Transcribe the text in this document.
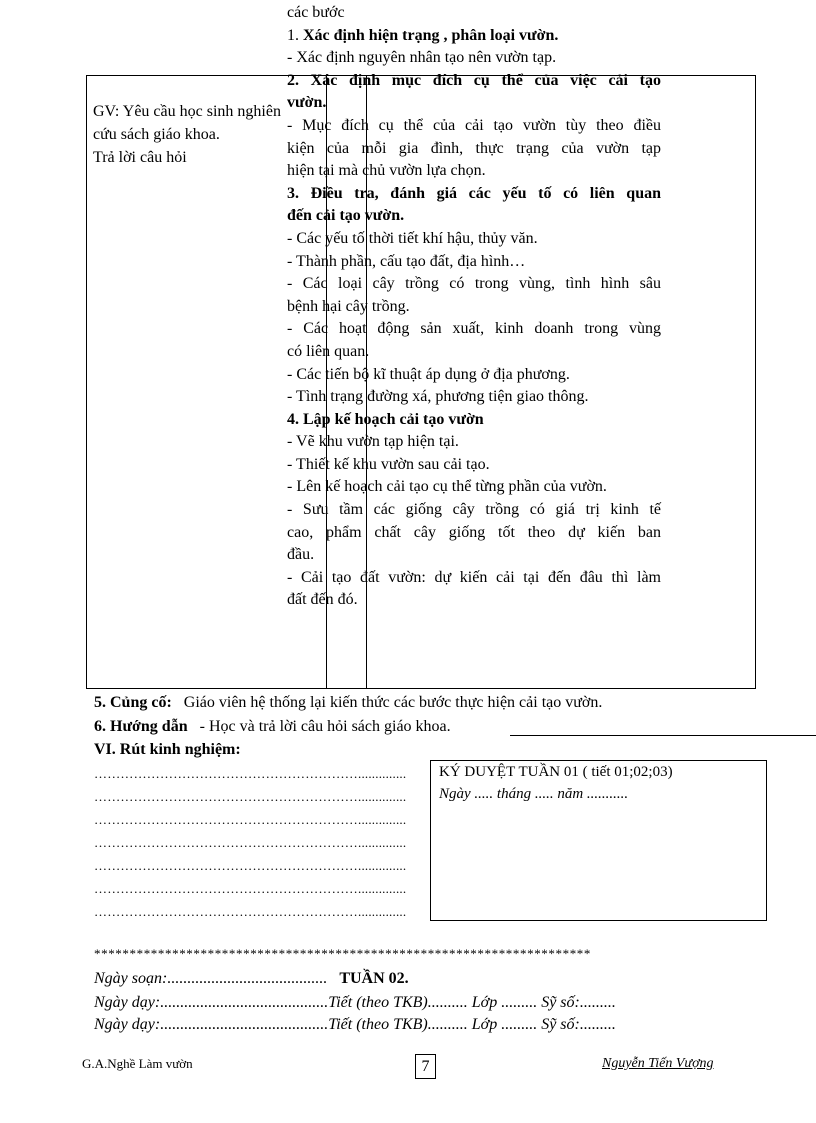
GV: Yêu cầu học sinh nghiên
cứu sách giáo khoa.
Trả lời câu hỏi
các bước
1. Xác định hiện trạng , phân loại vườn.
- Xác định nguyên nhân tạo nên vườn tạp.
2. Xác định mục đích cụ thể của việc cải tạo
vườn.
- Mục đích cụ thể của cải tạo vườn tùy theo điều
kiện của mỗi gia đình, thực trạng của vườn tạp
hiện tại mà chủ vườn lựa chọn.
3. Điều tra, đánh giá các yếu tố có liên quan
đến cải tạo vườn.
- Các yếu tố thời tiết khí hậu, thủy văn.
- Thành phần, cấu tạo đất, địa hình…
- Các loại cây trồng có trong vùng, tình hình sâu
bệnh hại cây trồng.
- Các hoạt động sản xuất, kinh doanh trong vùng
có liên quan.
- Các tiến bộ kĩ thuật áp dụng ở địa phương.
- Tình trạng đường xá, phương tiện giao thông.
4. Lập kế hoạch cải tạo vườn
- Vẽ khu vườn tạp hiện tại.
- Thiết kế khu vườn sau cải tạo.
- Lên kế hoạch cải tạo cụ thể từng phần của vườn.
- Sưu tầm các giống cây trồng có giá trị kinh tế
cao, phẩm chất cây giống tốt theo dự kiến ban
đầu.
- Cải tạo đất vườn: dự kiến cải tại đến đâu thì làm
đất đến đó.
5. Củng cố: Giáo viên hệ thống lại kiến thức các bước thực hiện cải tạo vườn.
6. Hướng dẫn - Học và trả lời câu hỏi sách giáo khoa.
VI. Rút kinh nghiệm:
……………………………………………………..............
……………………………………………………..............
……………………………………………………..............
……………………………………………………..............
……………………………………………………..............
……………………………………………………..............
……………………………………………………..............
KÝ DUYỆT TUẦN 01 ( tiết 01;02;03)
Ngày ..... tháng ..... năm ...........
**********************************************************************
Ngày soạn:........................................ TUẦN 02.
Ngày dạy:..........................................Tiết (theo TKB).......... Lớp ......... Sỹ số:.........
Ngày dạy:..........................................Tiết (theo TKB).......... Lớp ......... Sỹ số:.........
G.A.Nghề Làm vườn	7	Nguyễn Tiến Vượng
